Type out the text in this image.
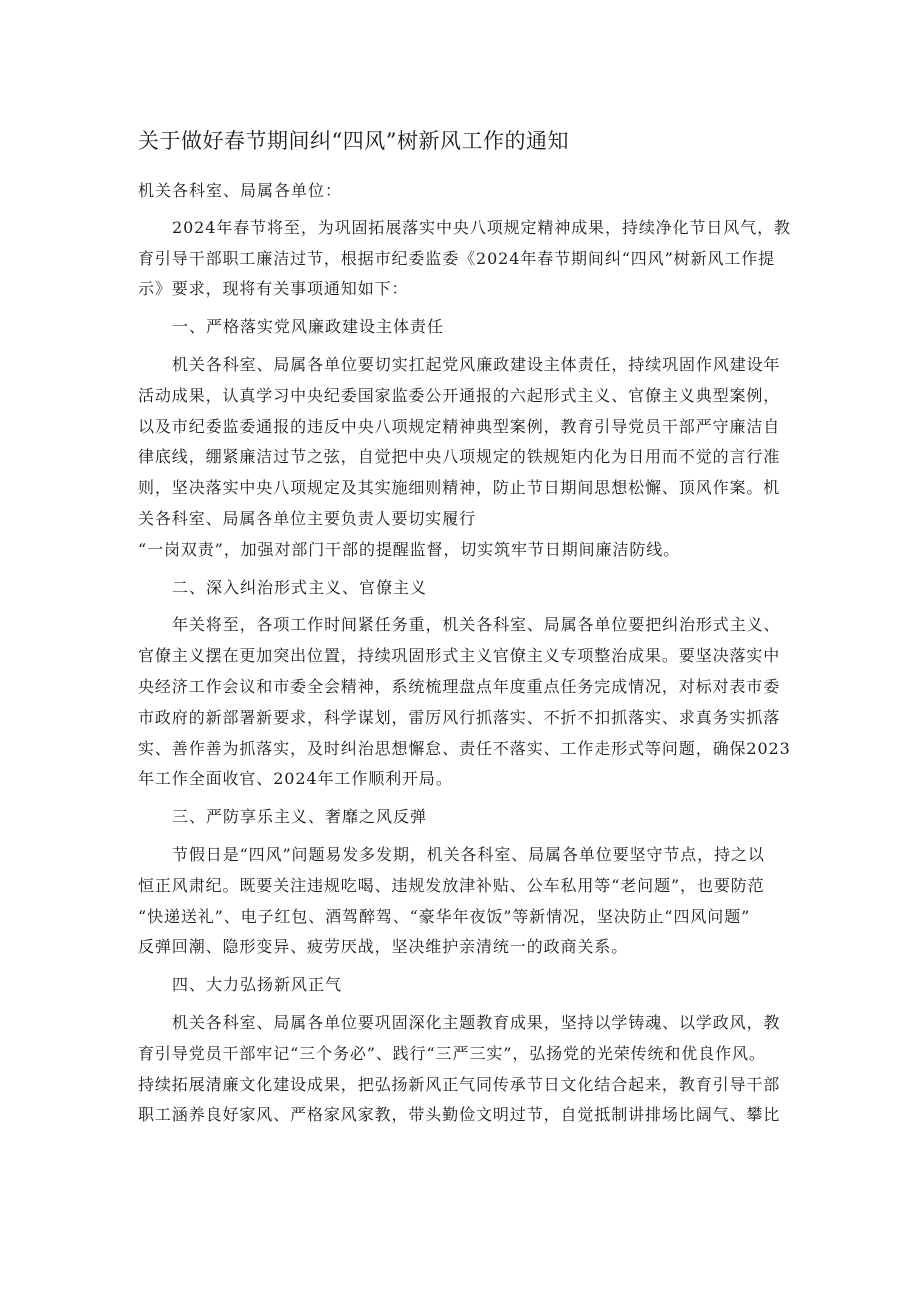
关于做好春节期间纠“四风”树新风工作的通知

机关各科室、局属各单位：

2024年春节将至，为巩固拓展落实中央八项规定精神成果，持续净化节日风气，教
育引导干部职工廉洁过节，根据市纪委监委《2024年春节期间纠“四风”树新风工作提
示》要求，现将有关事项通知如下：

一、严格落实党风廉政建设主体责任

机关各科室、局属各单位要切实扛起党风廉政建设主体责任，持续巩固作风建设年
活动成果，认真学习中央纪委国家监委公开通报的六起形式主义、官僚主义典型案例，
以及市纪委监委通报的违反中央八项规定精神典型案例，教育引导党员干部严守廉洁自
律底线，绷紧廉洁过节之弦，自觉把中央八项规定的铁规矩内化为日用而不觉的言行准
则，坚决落实中央八项规定及其实施细则精神，防止节日期间思想松懈、顶风作案。机
关各科室、局属各单位主要负责人要切实履行
“一岗双责”，加强对部门干部的提醒监督，切实筑牢节日期间廉洁防线。

二、深入纠治形式主义、官僚主义

年关将至，各项工作时间紧任务重，机关各科室、局属各单位要把纠治形式主义、
官僚主义摆在更加突出位置，持续巩固形式主义官僚主义专项整治成果。要坚决落实中
央经济工作会议和市委全会精神，系统梳理盘点年度重点任务完成情况，对标对表市委
市政府的新部署新要求，科学谋划，雷厉风行抓落实、不折不扣抓落实、求真务实抓落
实、善作善为抓落实，及时纠治思想懈怠、责任不落实、工作走形式等问题，确保2023
年工作全面收官、2024年工作顺利开局。

三、严防享乐主义、奢靡之风反弹

节假日是“四风”问题易发多发期，机关各科室、局属各单位要坚守节点，持之以
恒正风肃纪。既要关注违规吃喝、违规发放津补贴、公车私用等“老问题”，也要防范
“快递送礼”、电子红包、酒驾醉驾、“豪华年夜饭”等新情况，坚决防止“四风问题”
反弹回潮、隐形变异、疲劳厌战，坚决维护亲清统一的政商关系。

四、大力弘扬新风正气

机关各科室、局属各单位要巩固深化主题教育成果，坚持以学铸魂、以学政风，教
育引导党员干部牢记“三个务必”、践行“三严三实”，弘扬党的光荣传统和优良作风。
持续拓展清廉文化建设成果，把弘扬新风正气同传承节日文化结合起来，教育引导干部
职工涵养良好家风、严格家风家教，带头勤俭文明过节，自觉抵制讲排场比阔气、攀比
